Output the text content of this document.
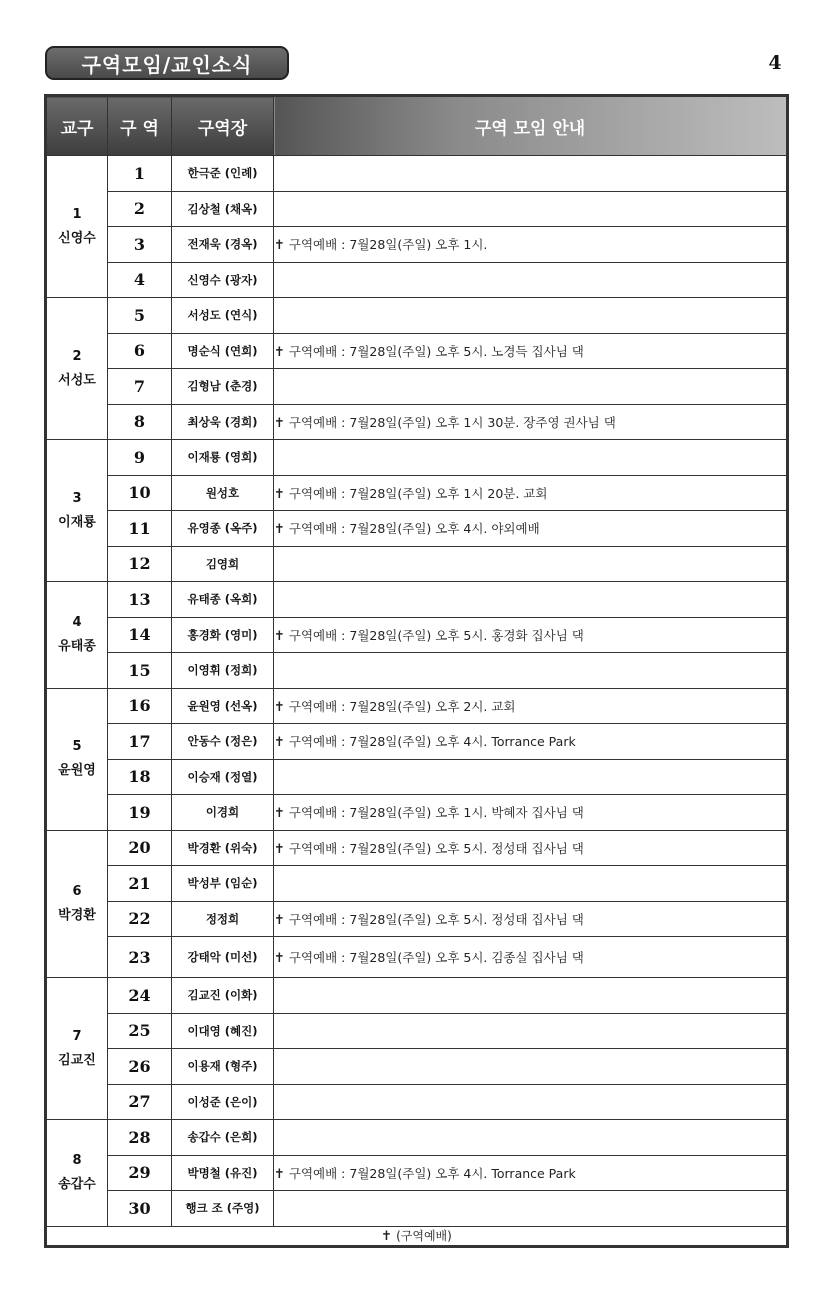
구역모임/교인소식	4
교구	구 역	구역장	구역 모임 안내

1
신영수	1	한극준 (인례)	
	2	김상철 (채옥)	
	3	전재욱 (경옥)	✝ 구역예배 : 7월28일(주일) 오후 1시.
	4	신영수 (광자)	

2
서성도	5	서성도 (연식)	
	6	명순식 (연희)	✝ 구역예배 : 7월28일(주일) 오후 5시. 노경득 집사님 댁
	7	김형남 (춘경)	
	8	최상욱 (경희)	✝ 구역예배 : 7월28일(주일) 오후 1시 30분. 장주영 권사님 댁

3
이재룡	9	이재룡 (영희)	
	10	원성호	✝ 구역예배 : 7월28일(주일) 오후 1시 20분. 교회
	11	유영종 (옥주)	✝ 구역예배 : 7월28일(주일) 오후 4시. 야외예배
	12	김영희	

4
유태종	13	유태종 (옥희)	
	14	홍경화 (영미)	✝ 구역예배 : 7월28일(주일) 오후 5시. 홍경화 집사님 댁
	15	이영휘 (정희)	

5
윤원영	16	윤원영 (선옥)	✝ 구역예배 : 7월28일(주일) 오후 2시. 교회
	17	안동수 (정은)	✝ 구역예배 : 7월28일(주일) 오후 4시. Torrance Park
	18	이승재 (정열)	
	19	이경희	✝ 구역예배 : 7월28일(주일) 오후 1시. 박혜자 집사님 댁

6
박경환	20	박경환 (위숙)	✝ 구역예배 : 7월28일(주일) 오후 5시. 정성태 집사님 댁
	21	박성부 (임순)	
	22	정정희	✝ 구역예배 : 7월28일(주일) 오후 5시. 정성태 집사님 댁
	23	강태악 (미선)	✝ 구역예배 : 7월28일(주일) 오후 5시. 김종실 집사님 댁

7
김교진	24	김교진 (이화)	
	25	이대영 (혜진)	
	26	이용재 (형주)	
	27	이성준 (은이)	

8
송갑수	28	송갑수 (은희)	
	29	박명철 (유진)	✝ 구역예배 : 7월28일(주일) 오후 4시. Torrance Park
	30	행크 조 (주영)	
✝ (구역예배)			
